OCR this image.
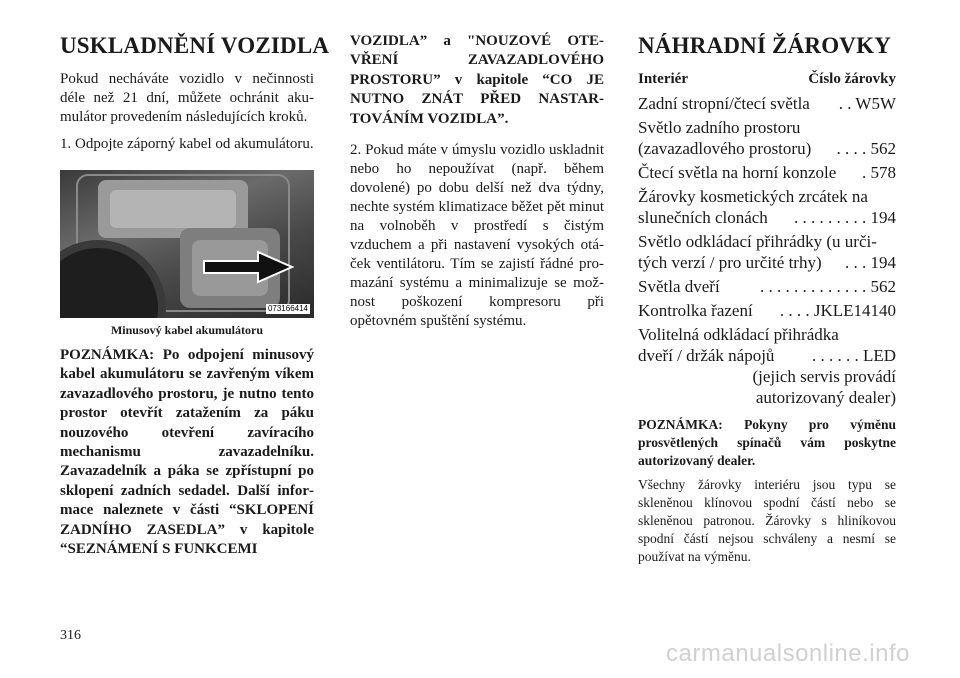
USKLADNĚNÍ VOZIDLA

Pokud necháváte vozidlo v nečinnosti déle než 21 dní, můžete ochránit akumulátor provedením následujících kroků.

1. Odpojte záporný kabel od akumulátoru.

073166414
Minusový kabel akumulátoru

POZNÁMKA: Po odpojení minusový kabel akumulátoru se zavřeným víkem zavazadlového prostoru, je nutno tento prostor otevřít zatažením za páku nouzového otevření zavíracího mechanismu zavazadelníku. Zavazadelník a páka se zpřístupní po sklopení zadních sedadel. Další informace naleznete v části “SKLOPENÍ ZADNÍHO ZASEDLA” v kapitole “SEZNÁMENÍ S FUNKCEMI

VOZIDLA” a "NOUZOVÉ OTEVŘENÍ ZAVAZADLOVÉHO PROSTORU” v kapitole “CO JE NUTNO ZNÁT PŘED NASTARTOVÁNÍM VOZIDLA”.

2. Pokud máte v úmyslu vozidlo uskladnit nebo ho nepoužívat (např. během dovolené) po dobu delší než dva týdny, nechte systém klimatizace běžet pět minut na volnoběh v prostředí s čistým vzduchem a při nastavení vysokých otáček ventilátoru. Tím se zajistí řádné promazání systému a minimalizuje se možnost poškození kompresoru při opětovném spuštění systému.

NÁHRADNÍ ŽÁROVKY
Interiér	Číslo žárovky
Zadní stropní/čtecí světla	. . W5W
Světlo zadního prostoru
(zavazadlového prostoru)	. . . . 562
Čtecí světla na horní konzole	. 578
Žárovky kosmetických zrcátek na
slunečních clonách	. . . . . . . . . 194
Světlo odkládací přihrádky (u urči-
tých verzí / pro určité trhy)	. . . 194
Světla dveří	. . . . . . . . . . . . . 562
Kontrolka řazení	. . . . JKLE14140
Volitelná odkládací přihrádka
dveří / držák nápojů	. . . . . . LED
(jejich servis provádí
autorizovaný dealer)

POZNÁMKA: Pokyny pro výměnu prosvětlených spínačů vám poskytne autorizovaný dealer.

Všechny žárovky interiéru jsou typu se skleněnou klínovou spodní částí nebo se skleněnou patronou. Žárovky s hliníkovou spodní částí nejsou schváleny a nesmí se používat na výměnu.

316
carmanualsonline.info
